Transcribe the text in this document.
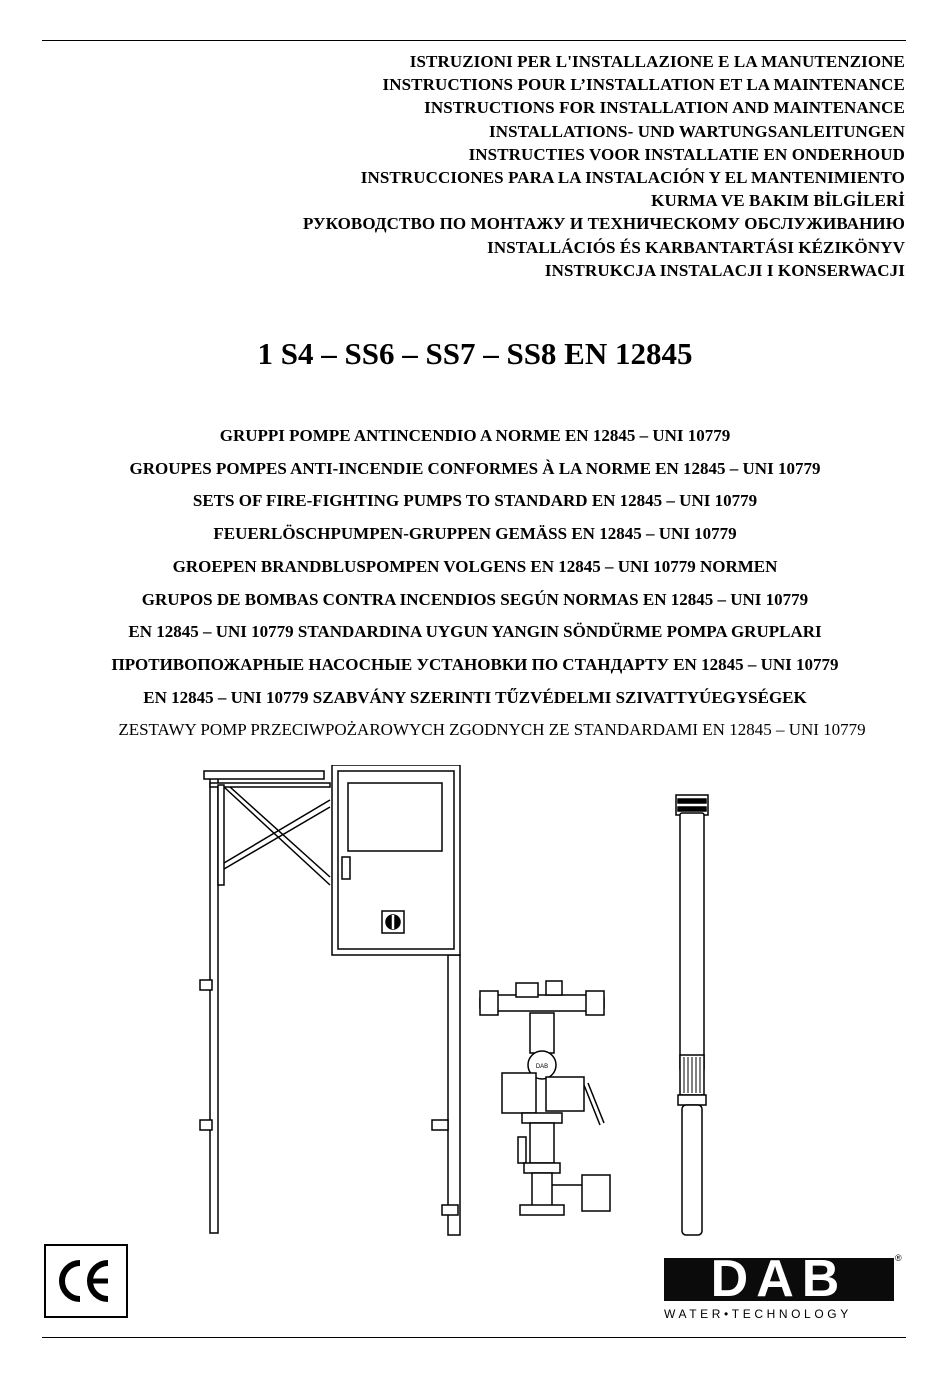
ISTRUZIONI PER L'INSTALLAZIONE E LA MANUTENZIONE
INSTRUCTIONS POUR L’INSTALLATION ET LA MAINTENANCE
INSTRUCTIONS FOR INSTALLATION AND MAINTENANCE
INSTALLATIONS- UND WARTUNGSANLEITUNGEN
INSTRUCTIES VOOR INSTALLATIE EN ONDERHOUD
INSTRUCCIONES PARA LA INSTALACIÓN Y EL MANTENIMIENTO
KURMA VE BAKIM BİLGİLERİ
РУКОВОДСТВО ПО МОНТАЖУ И ТЕХНИЧЕСКОМУ ОБСЛУЖИВАНИЮ
INSTALLÁCIÓS ÉS KARBANTARTÁSI KÉZIKÖNYV
INSTRUKCJA INSTALACJI I KONSERWACJI
1 S4 – SS6 – SS7 – SS8 EN 12845
GRUPPI POMPE ANTINCENDIO A NORME EN 12845 – UNI 10779
GROUPES POMPES ANTI-INCENDIE CONFORMES À LA NORME EN 12845 – UNI 10779
SETS OF FIRE-FIGHTING PUMPS TO STANDARD EN 12845 – UNI 10779
FEUERLÖSCHPUMPEN-GRUPPEN GEMÄSS EN 12845 – UNI 10779
GROEPEN BRANDBLUSPOMPEN VOLGENS EN 12845 – UNI 10779 NORMEN
GRUPOS DE BOMBAS CONTRA INCENDIOS SEGÚN NORMAS EN 12845 – UNI 10779
EN 12845 – UNI 10779 STANDARDINA UYGUN YANGIN SÖNDÜRME POMPA GRUPLARI
ПРОТИВОПОЖАРНЫЕ НАСОСНЫЕ УСТАНОВКИ ПО СТАНДАРТУ EN 12845 – UNI 10779
EN 12845 – UNI 10779 SZABVÁNY SZERINTI TŰZVÉDELMI SZIVATTYÚEGYSÉGEK
ZESTAWY POMP PRZECIWPOŻAROWYCH ZGODNYCH ZE STANDARDAMI EN 12845 – UNI 10779
DAB
DAB	®
WATER•TECHNOLOGY
